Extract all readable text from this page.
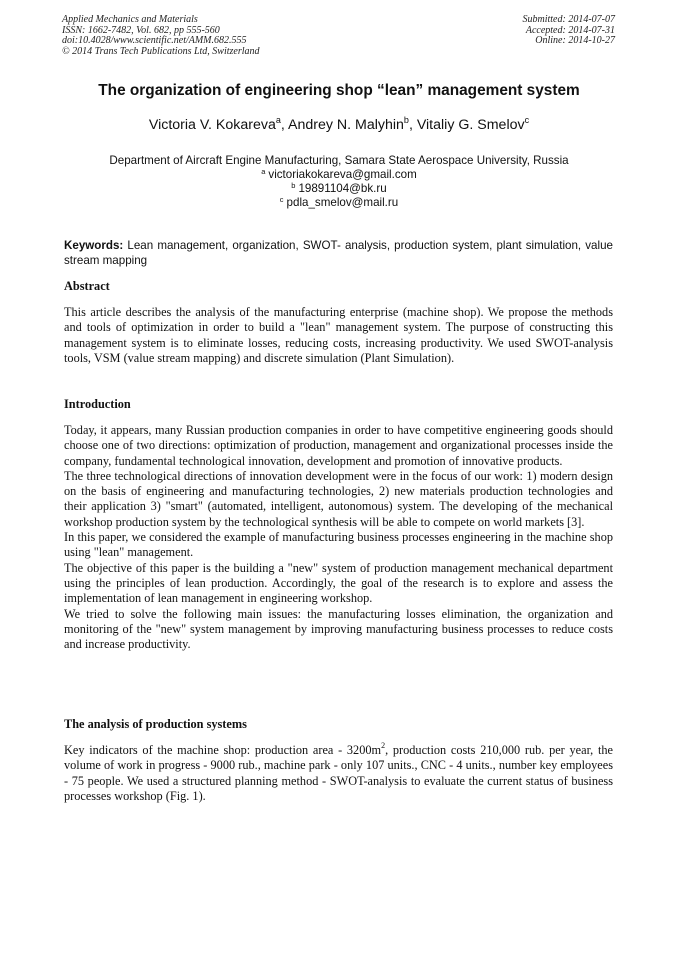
Applied Mechanics and Materials
ISSN: 1662-7482, Vol. 682, pp 555-560
doi:10.4028/www.scientific.net/AMM.682.555
© 2014 Trans Tech Publications Ltd, Switzerland
Submitted: 2014-07-07
Accepted: 2014-07-31
Online: 2014-10-27
The organization of engineering shop “lean” management system
Victoria V. Kokareva$^a$, Andrey N. Malyhin$^b$, Vitaliy G. Smelov$^c$
Department of Aircraft Engine Manufacturing, Samara State Aerospace University, Russia
$^a$ victoriakokareva@gmail.com
$^b$ 19891104@bk.ru
$^c$ pdla_smelov@mail.ru
Keywords: Lean management, organization, SWOT- analysis, production system, plant simulation, value stream mapping
Abstract

This article describes the analysis of the manufacturing enterprise (machine shop). We propose the methods and tools of optimization in order to build a "lean" management system. The purpose of constructing this management system is to eliminate losses, reducing costs, increasing productivity. We used SWOT-analysis tools, VSM (value stream mapping) and discrete simulation (Plant Simulation).

Introduction

Today, it appears, many Russian production companies in order to have competitive engineering goods should choose one of two directions: optimization of production, management and organizational processes inside the company, fundamental technological innovation, development and promotion of innovative products.

The three technological directions of innovation development were in the focus of our work: 1) modern design on the basis of engineering and manufacturing technologies, 2) new materials production technologies and their application 3) "smart" (automated, intelligent, autonomous) system. The developing of the mechanical workshop production system by the technological synthesis will be able to compete on world markets [3].

In this paper, we considered the example of manufacturing business processes engineering in the machine shop using "lean" management.

The objective of this paper is the building a "new" system of production management mechanical department using the principles of lean production. Accordingly, the goal of the research is to explore and assess the implementation of lean management in engineering workshop.

We tried to solve the following main issues: the manufacturing losses elimination, the organization and monitoring of the "new" system management by improving manufacturing business processes to reduce costs and increase productivity.

The analysis of production systems

Key indicators of the machine shop: production area - $3200m^2$, production costs 210,000 rub. per year, the volume of work in progress - 9000 rub., machine park - only 107 units., CNC - 4 units., number key employees - 75 people. We used a structured planning method - SWOT-analysis to evaluate the current status of business processes workshop (Fig. 1).
